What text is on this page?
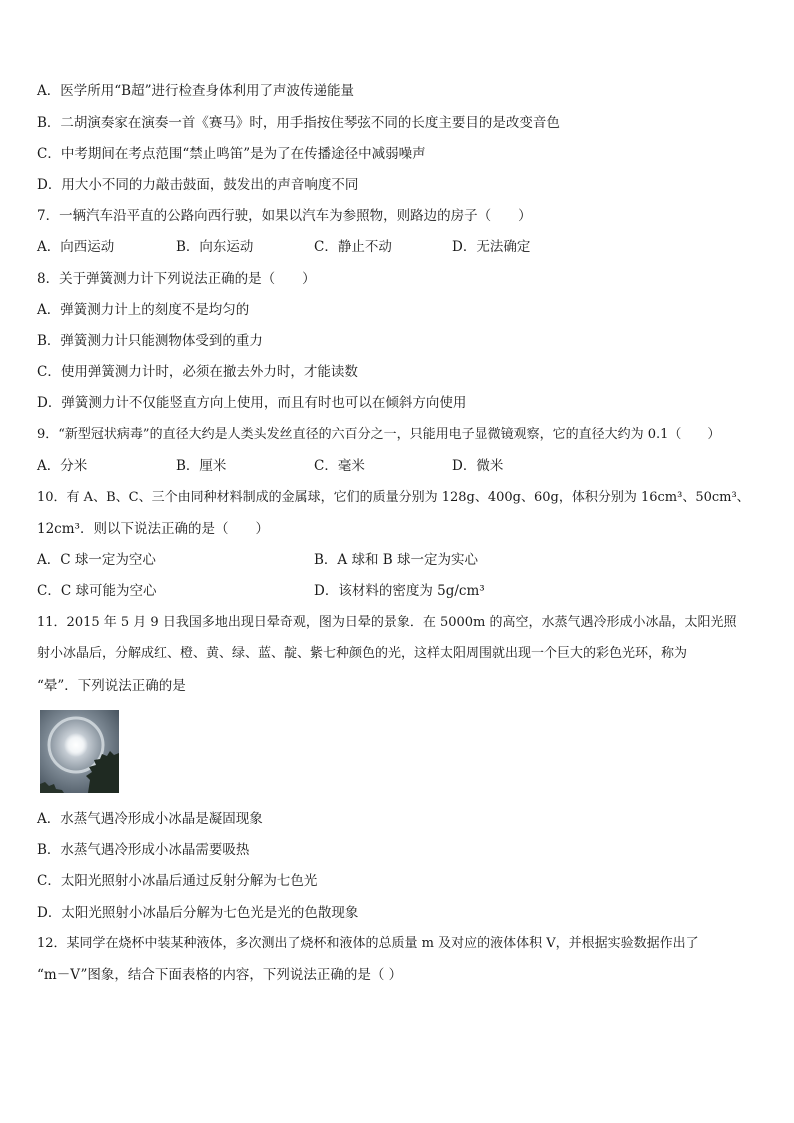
A．医学所用“B超”进行检查身体利用了声波传递能量
B．二胡演奏家在演奏一首《赛马》时，用手指按住琴弦不同的长度主要目的是改变音色
C．中考期间在考点范围“禁止鸣笛”是为了在传播途径中减弱噪声
D．用大小不同的力敲击鼓面，鼓发出的声音响度不同
7．一辆汽车沿平直的公路向西行驶，如果以汽车为参照物，则路边的房子（　　）
A．向西运动	B．向东运动	C．静止不动	D．无法确定
8．关于弹簧测力计下列说法正确的是（　　）
A．弹簧测力计上的刻度不是均匀的
B．弹簧测力计只能测物体受到的重力
C．使用弹簧测力计时，必须在撤去外力时，才能读数
D．弹簧测力计不仅能竖直方向上使用，而且有时也可以在倾斜方向使用
9．“新型冠状病毒”的直径大约是人类头发丝直径的六百分之一，只能用电子显微镜观察，它的直径大约为 0.1（　　）
A．分米	B．厘米	C．毫米	D．微米
10．有 A、B、C、三个由同种材料制成的金属球，它们的质量分别为 128g、400g、60g，体积分别为 16cm³、50cm³、
12cm³．则以下说法正确的是（　　）
A．C 球一定为空心	B．A 球和 B 球一定为实心
C．C 球可能为空心	D．该材料的密度为 5g/cm³
11．2015 年 5 月 9 日我国多地出现日晕奇观，图为日晕的景象．在 5000m 的高空，水蒸气遇冷形成小冰晶，太阳光照
射小冰晶后，分解成红、橙、黄、绿、蓝、靛、紫七种颜色的光，这样太阳周围就出现一个巨大的彩色光环，称为
“晕”．下列说法正确的是
A．水蒸气遇冷形成小冰晶是凝固现象
B．水蒸气遇冷形成小冰晶需要吸热
C．太阳光照射小冰晶后通过反射分解为七色光
D．太阳光照射小冰晶后分解为七色光是光的色散现象
12．某同学在烧杯中装某种液体，多次测出了烧杯和液体的总质量 m 及对应的液体体积 V，并根据实验数据作出了
“m－V”图象，结合下面表格的内容，下列说法正确的是（ ）
